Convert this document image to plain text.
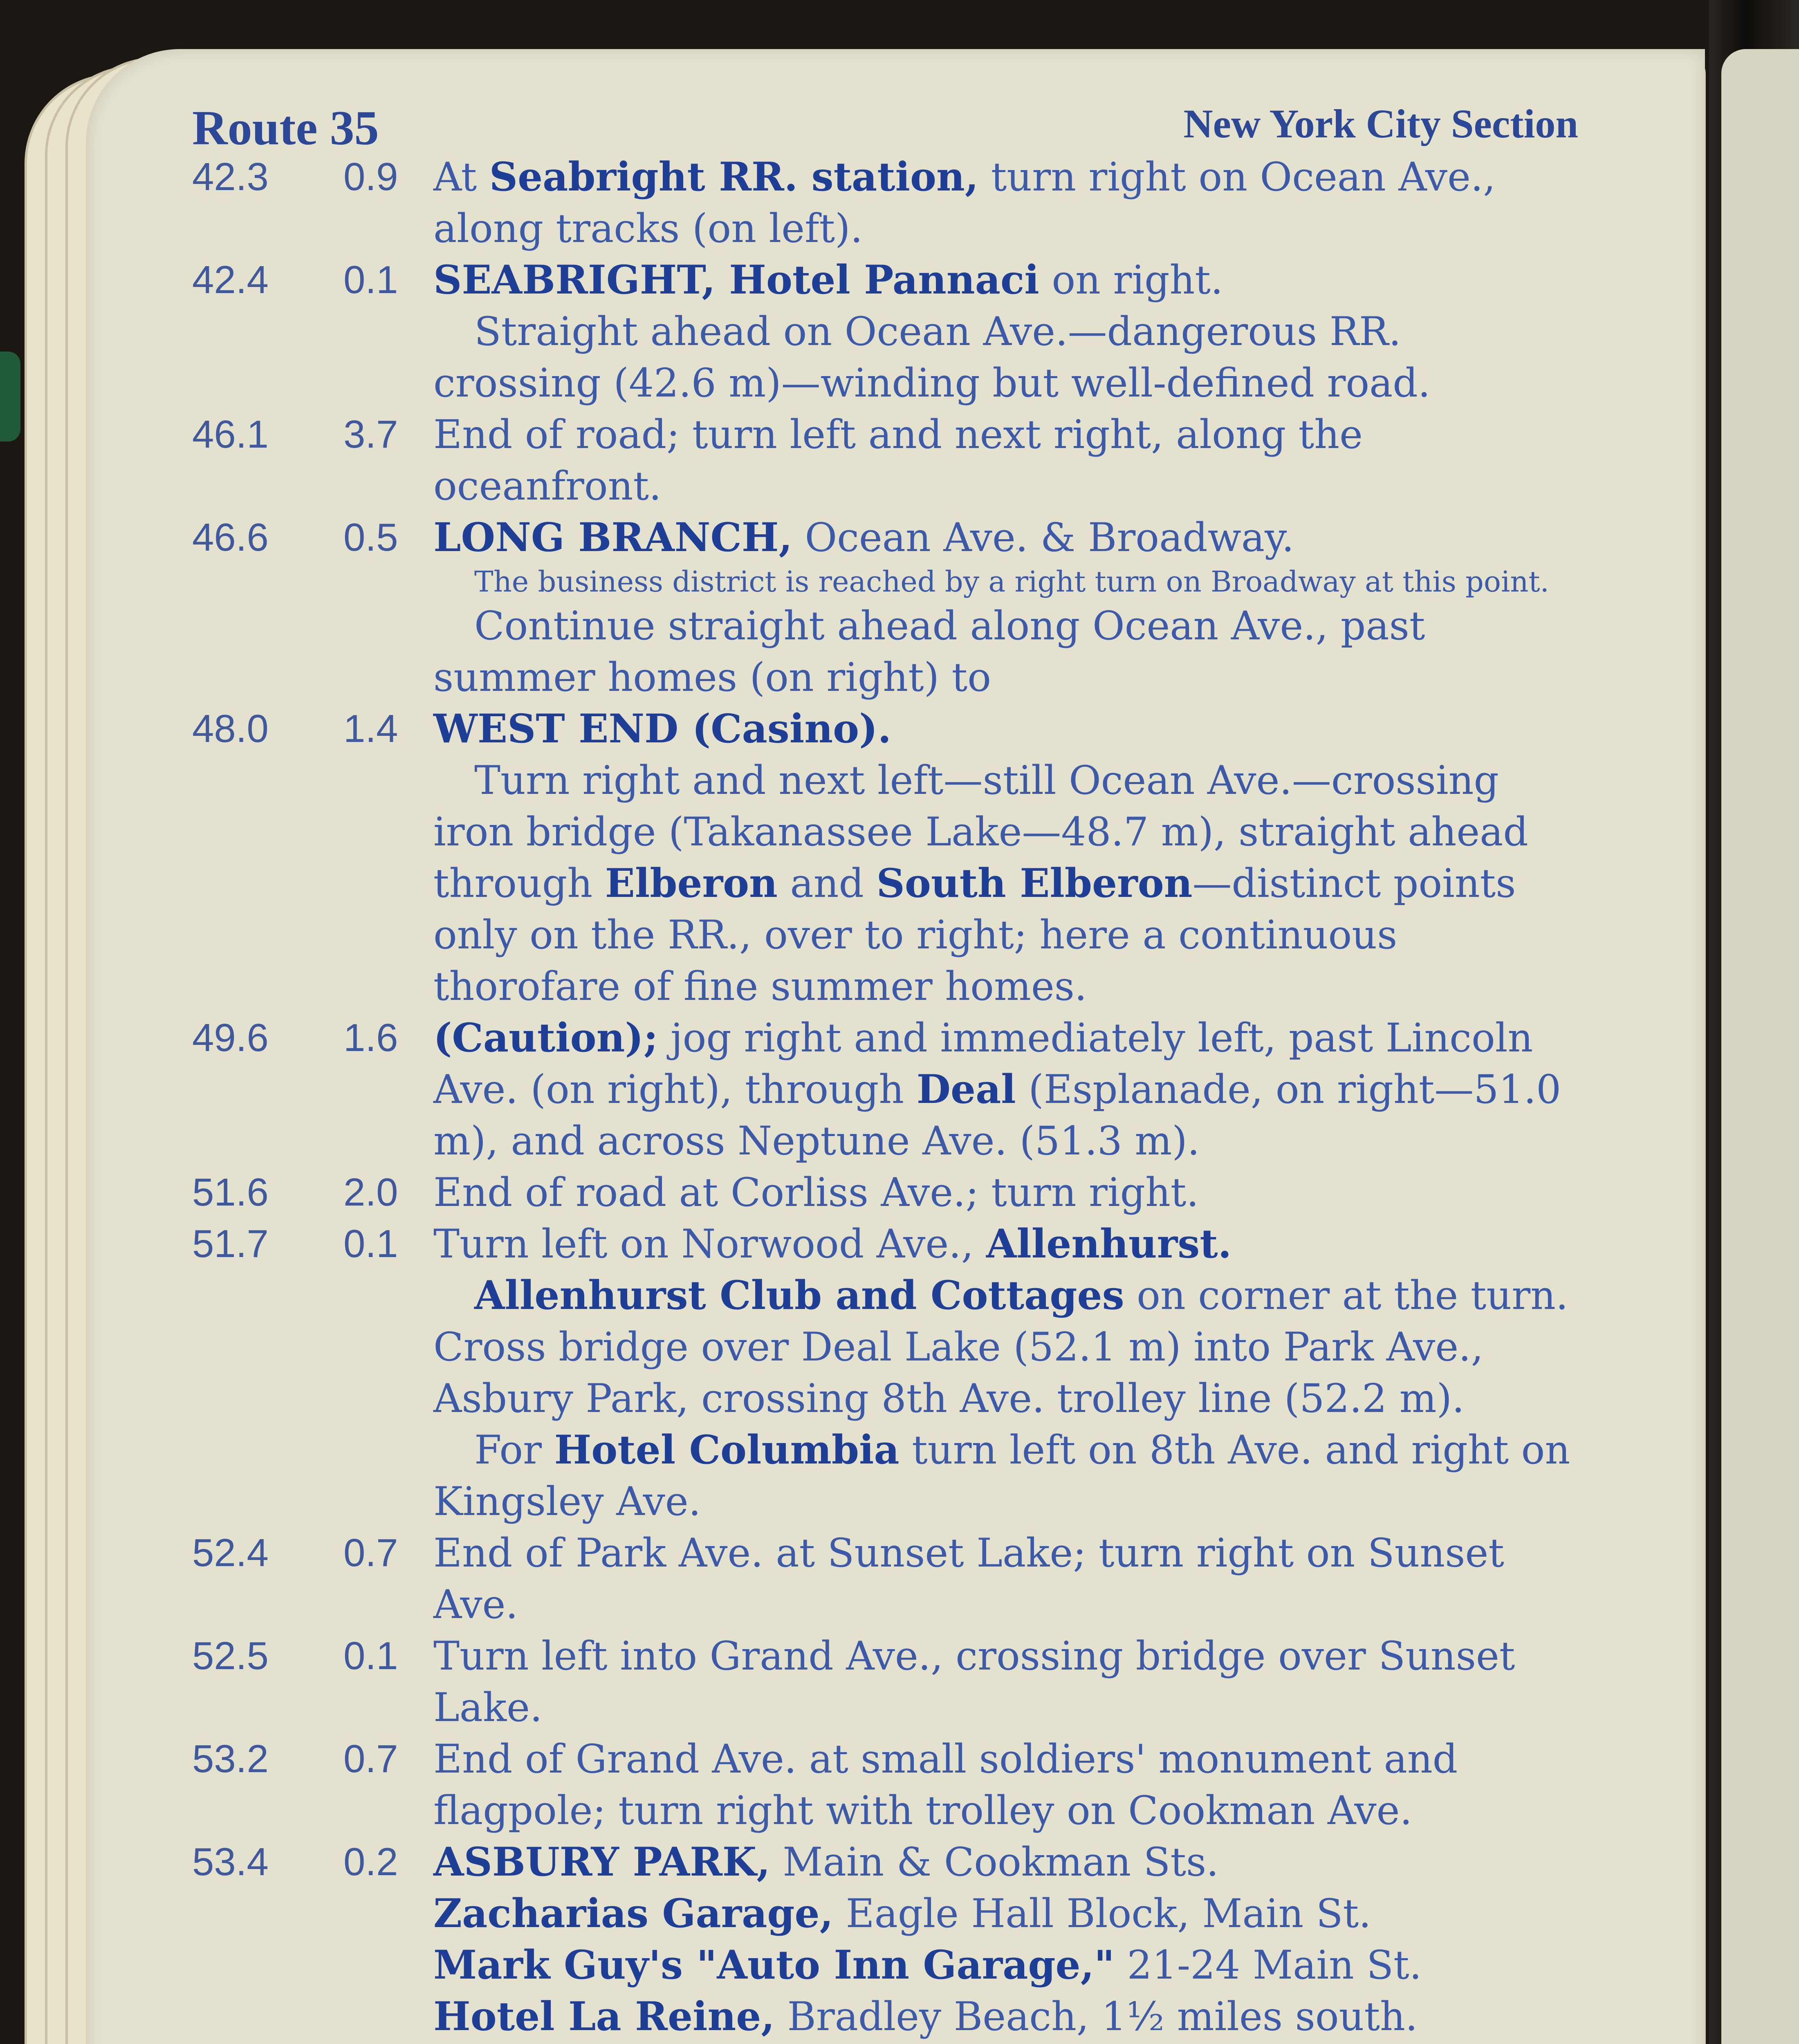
Route 35	New York City Section
42.3	0.9 At Seabright RR. station, turn right on Ocean Ave., along tracks (on left).
42.4	0.1 SEABRIGHT, Hotel Pannaci on right.
Straight ahead on Ocean Ave.—dangerous RR. crossing (42.6 m)—winding but well-defined road.
46.1	3.7 End of road; turn left and next right, along the oceanfront.
46.6	0.5 LONG BRANCH, Ocean Ave. & Broadway.
The business district is reached by a right turn on Broadway at this point.
Continue straight ahead along Ocean Ave., past summer homes (on right) to
48.0	1.4 WEST END (Casino).
Turn right and next left—still Ocean Ave.—crossing iron bridge (Takanassee Lake—48.7 m), straight ahead through Elberon and South Elberon—distinct points only on the RR., over to right; here a continuous thorofare of fine summer homes.
49.6	1.6 (Caution); jog right and immediately left, past Lincoln Ave. (on right), through Deal (Esplanade, on right—51.0 m), and across Neptune Ave. (51.3 m).
51.6	2.0 End of road at Corliss Ave.; turn right.
51.7	0.1 Turn left on Norwood Ave., Allenhurst.
Allenhurst Club and Cottages on corner at the turn. Cross bridge over Deal Lake (52.1 m) into Park Ave., Asbury Park, crossing 8th Ave. trolley line (52.2 m).
For Hotel Columbia turn left on 8th Ave. and right on Kingsley Ave.
52.4	0.7 End of Park Ave. at Sunset Lake; turn right on Sunset Ave.
52.5	0.1 Turn left into Grand Ave., crossing bridge over Sunset Lake.
53.2	0.7 End of Grand Ave. at small soldiers' monument and flagpole; turn right with trolley on Cookman Ave.
53.4	0.2 ASBURY PARK, Main & Cookman Sts.
Zacharias Garage, Eagle Hall Block, Main St.
Mark Guy's "Auto Inn Garage," 21-24 Main St.
Hotel La Reine, Bradley Beach, 1½ miles south.
